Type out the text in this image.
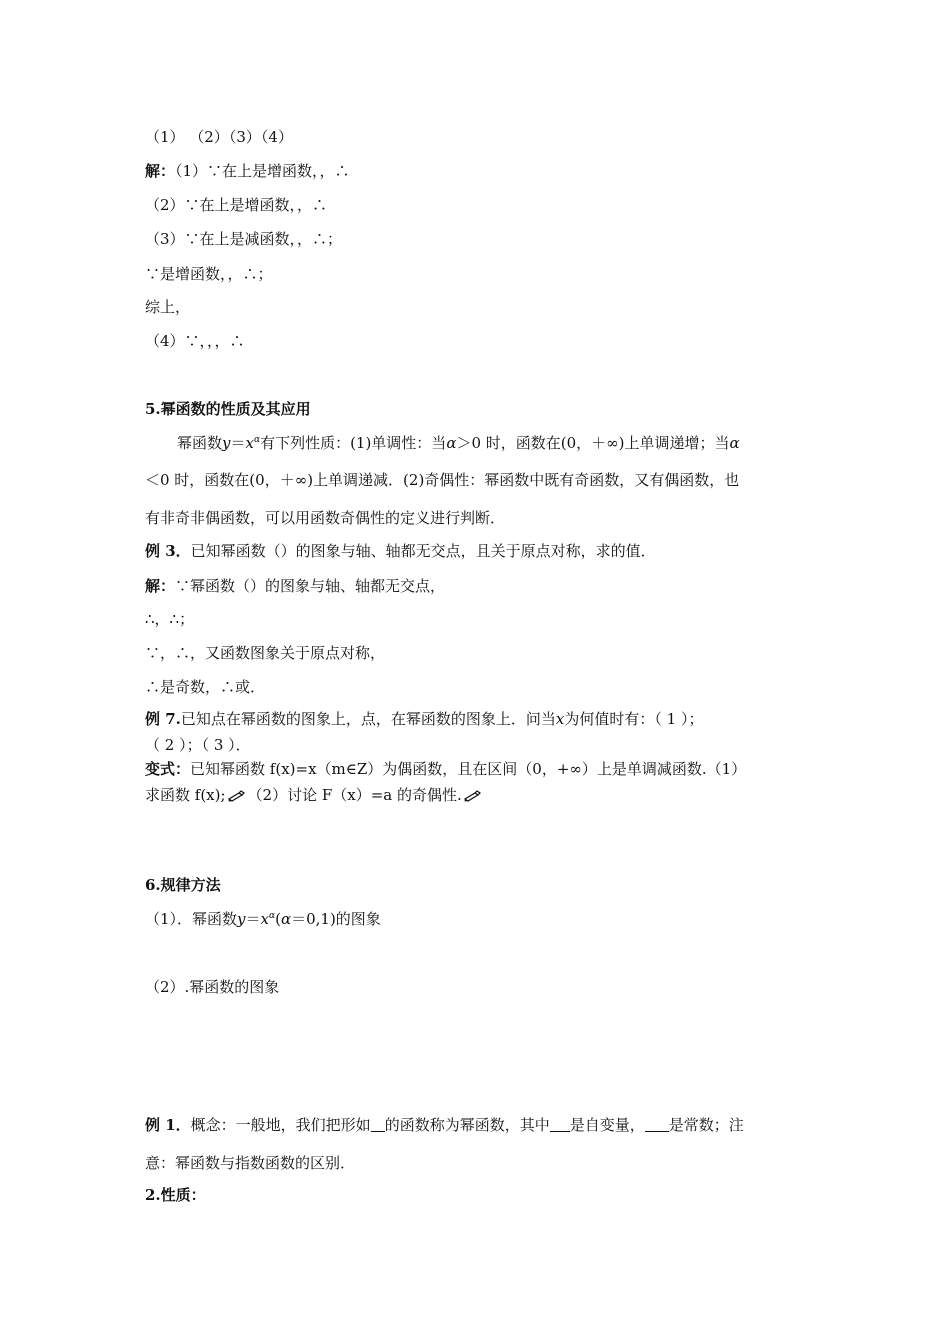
（1） （2）（3）（4）
解：（1）∵在上是增函数，，∴
（2）∵在上是增函数，，∴
（3）∵在上是减函数，，∴；
∵是增函数，，∴；
综上，
（4）∵，，，∴
5.幂函数的性质及其应用
幂函数$y=x^\alpha$有下列性质：(1)单调性：当α＞0 时，函数在(0，＋∞)上单调递增；当α
＜0 时，函数在(0，＋∞)上单调递减．(2)奇偶性：幂函数中既有奇函数，又有偶函数，也
有非奇非偶函数，可以用函数奇偶性的定义进行判断．
例 3．已知幂函数（）的图象与轴、轴都无交点，且关于原点对称，求的值．
解：∵幂函数（）的图象与轴、轴都无交点，
∴，∴；
∵，∴，又函数图象关于原点对称，
∴是奇数，∴或．
例 7.已知点在幂函数的图象上，点，在幂函数的图象上．问当x为何值时有：（ 1 ）；
（ 2 ）；（ 3 ）．
变式：已知幂函数 f(x)=x（m∈Z）为偶函数，且在区间（0，+∞）上是单调减函数.（1）
求函数 f(x); （2）讨论 F（x）=a 的奇偶性.
6.规律方法
（1）．幂函数$y=x^\alpha(\alpha=0,1)$的图象
（2）.幂函数的图象
例 1．概念：一般地，我们把形如 的函数称为幂函数，其中 是自变量， 是常数；注
意：幂函数与指数函数的区别．
2.性质：
